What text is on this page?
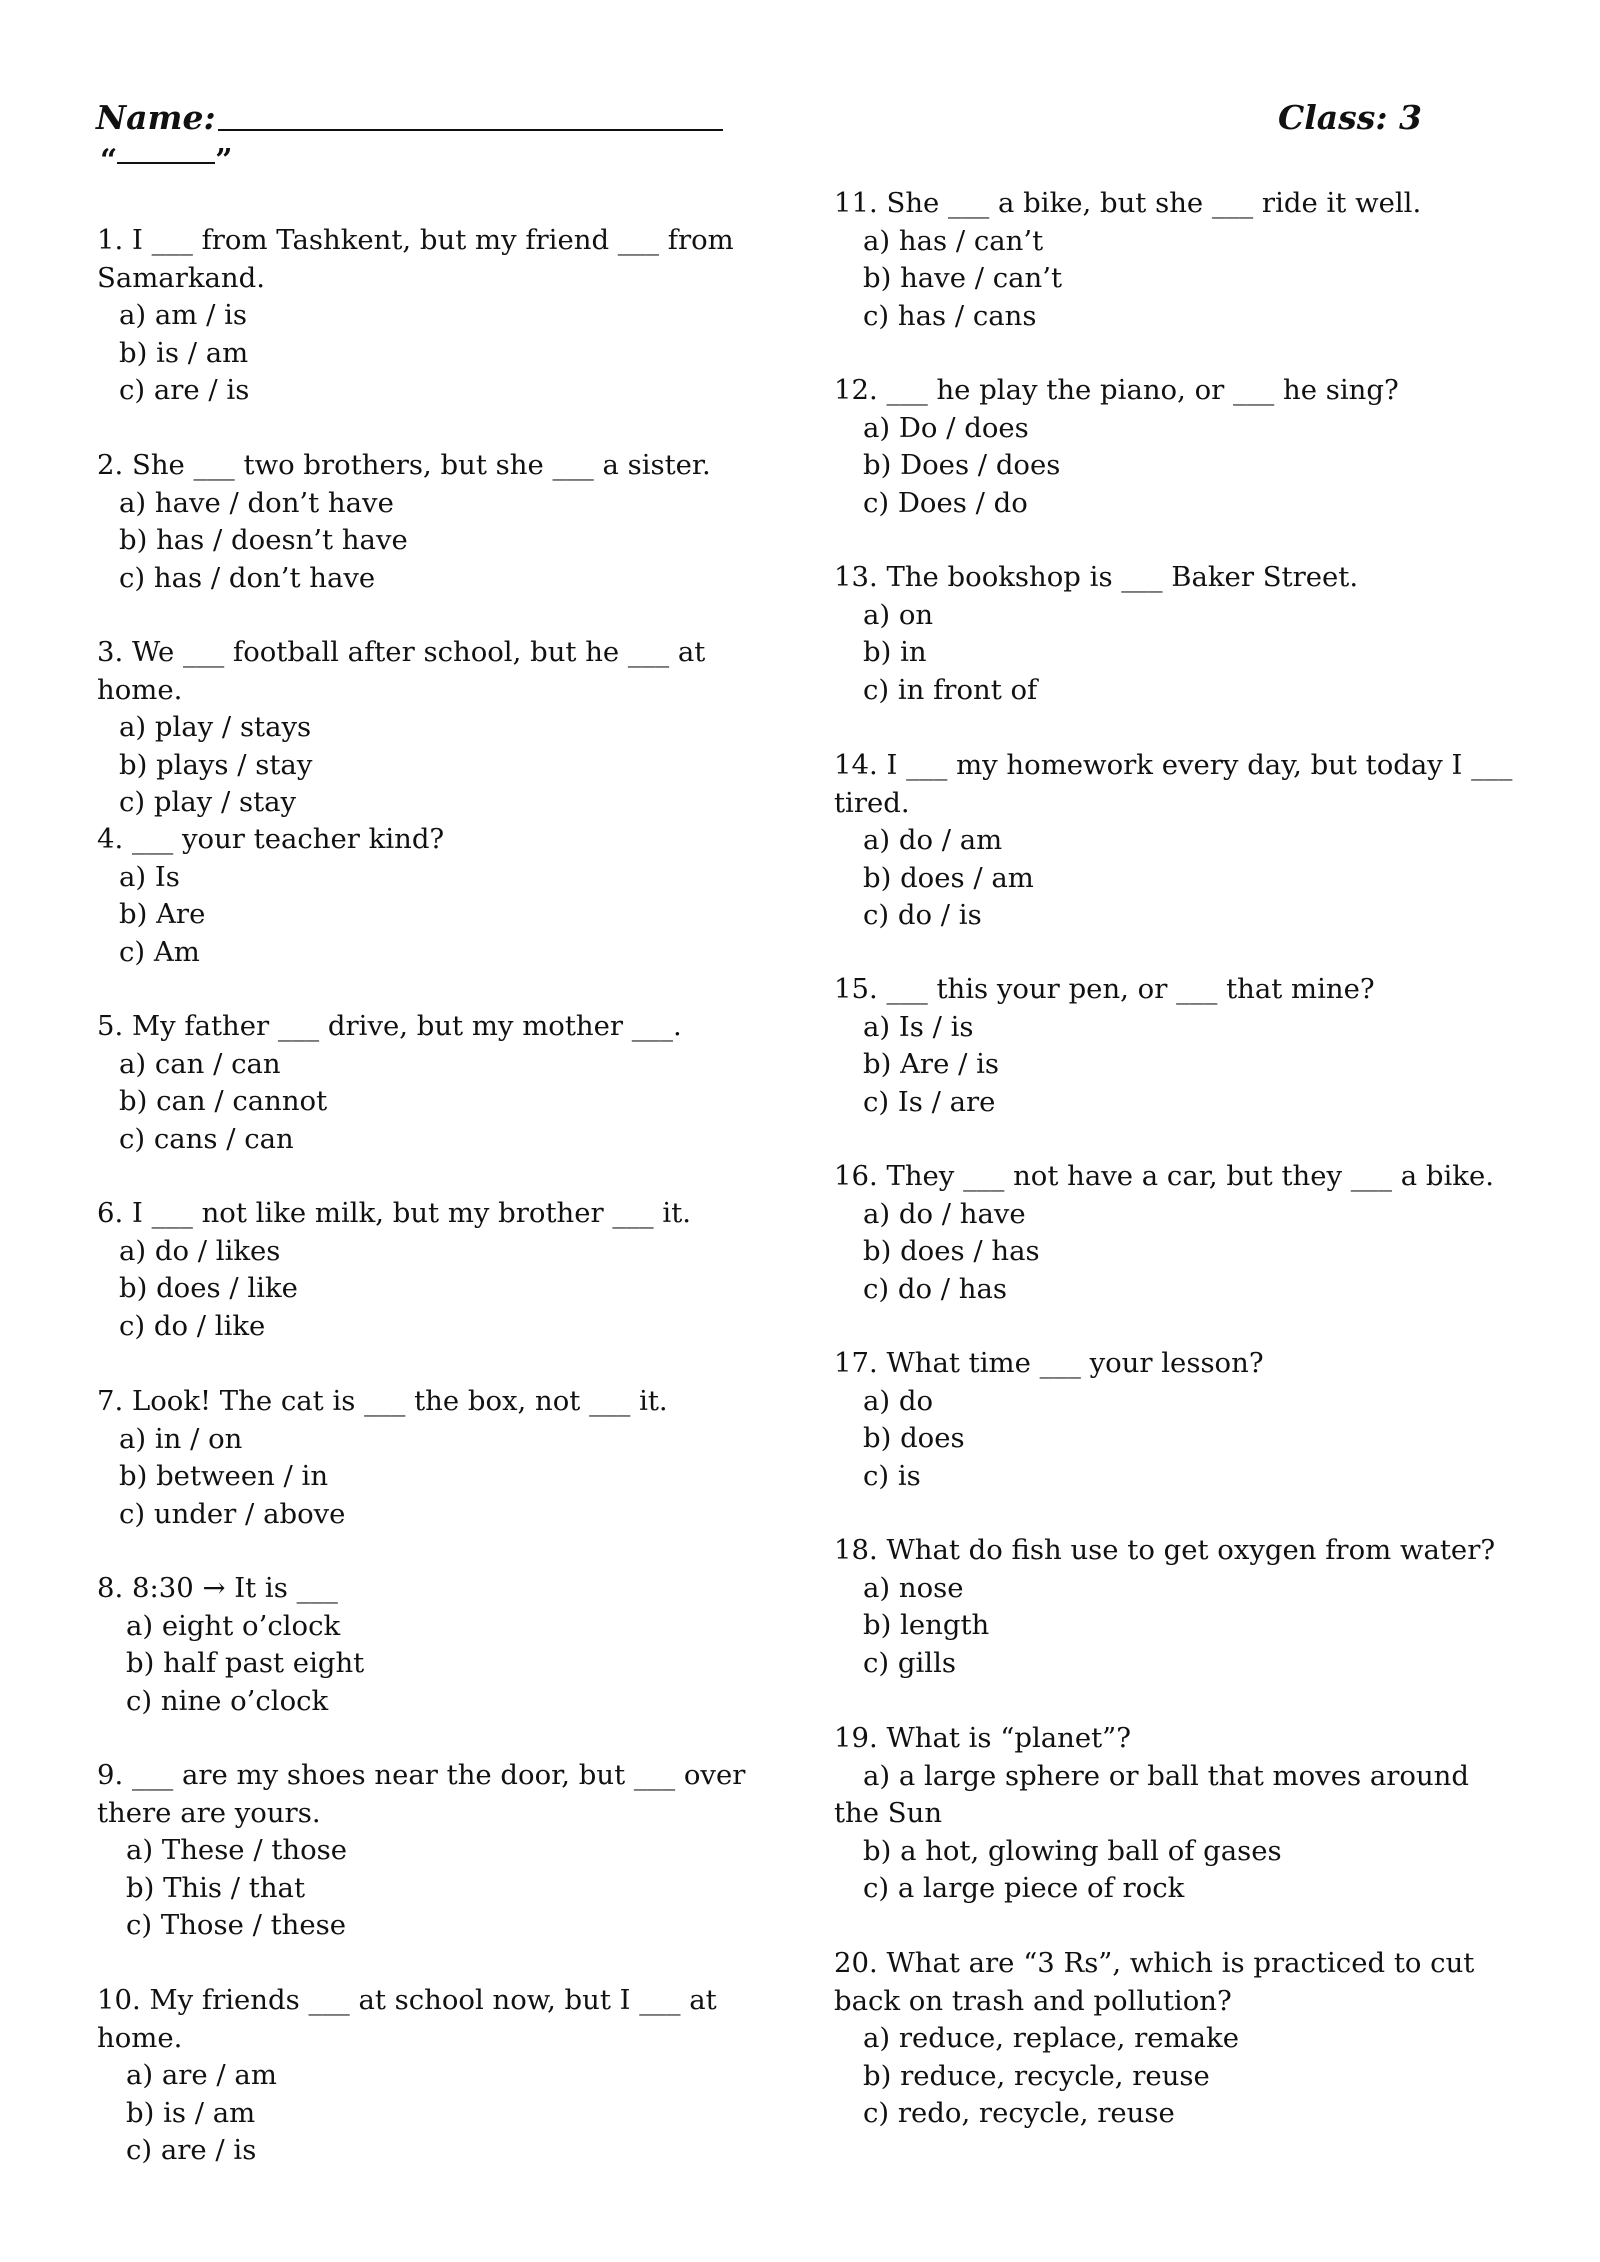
Name:	Class: 3
“	”

1. I ___ from Tashkent, but my friend ___ from Samarkand.

a) am / is

b) is / am

c) are / is

2. She ___ two brothers, but she ___ a sister.

a) have / don’t have

b) has / doesn’t have

c) has / don’t have

3. We ___ football after school, but he ___ at home.

a) play / stays

b) plays / stay

c) play / stay

4. ___ your teacher kind?

a) Is

b) Are

c) Am

5. My father ___ drive, but my mother ___.

a) can / can

b) can / cannot

c) cans / can

6. I ___ not like milk, but my brother ___ it.

a) do / likes

b) does / like

c) do / like

7. Look! The cat is ___ the box, not ___ it.

a) in / on

b) between / in

c) under / above

8. 8:30 → It is ___

a) eight o’clock

b) half past eight

c) nine o’clock

9. ___ are my shoes near the door, but ___ over there are yours.

a) These / those

b) This / that

c) Those / these

10. My friends ___ at school now, but I ___ at home.

a) are / am

b) is / am

c) are / is

11. She ___ a bike, but she ___ ride it well.

a) has / can’t

b) have / can’t

c) has / cans

12. ___ he play the piano, or ___ he sing?

a) Do / does

b) Does / does

c) Does / do

13. The bookshop is ___ Baker Street.

a) on

b) in

c) in front of

14. I ___ my homework every day, but today I ___ tired.

a) do / am

b) does / am

c) do / is

15. ___ this your pen, or ___ that mine?

a) Is / is

b) Are / is

c) Is / are

16. They ___ not have a car, but they ___ a bike.

a) do / have

b) does / has

c) do / has

17. What time ___ your lesson?

a) do

b) does

c) is

18. What do fish use to get oxygen from water?

a) nose

b) length

c) gills

19. What is “planet”?

a) a large sphere or ball that moves around the Sun

b) a hot, glowing ball of gases

c) a large piece of rock

20. What are “3 Rs”, which is practiced to cut back on trash and pollution?

a) reduce, replace, remake

b) reduce, recycle, reuse

c) redo, recycle, reuse
